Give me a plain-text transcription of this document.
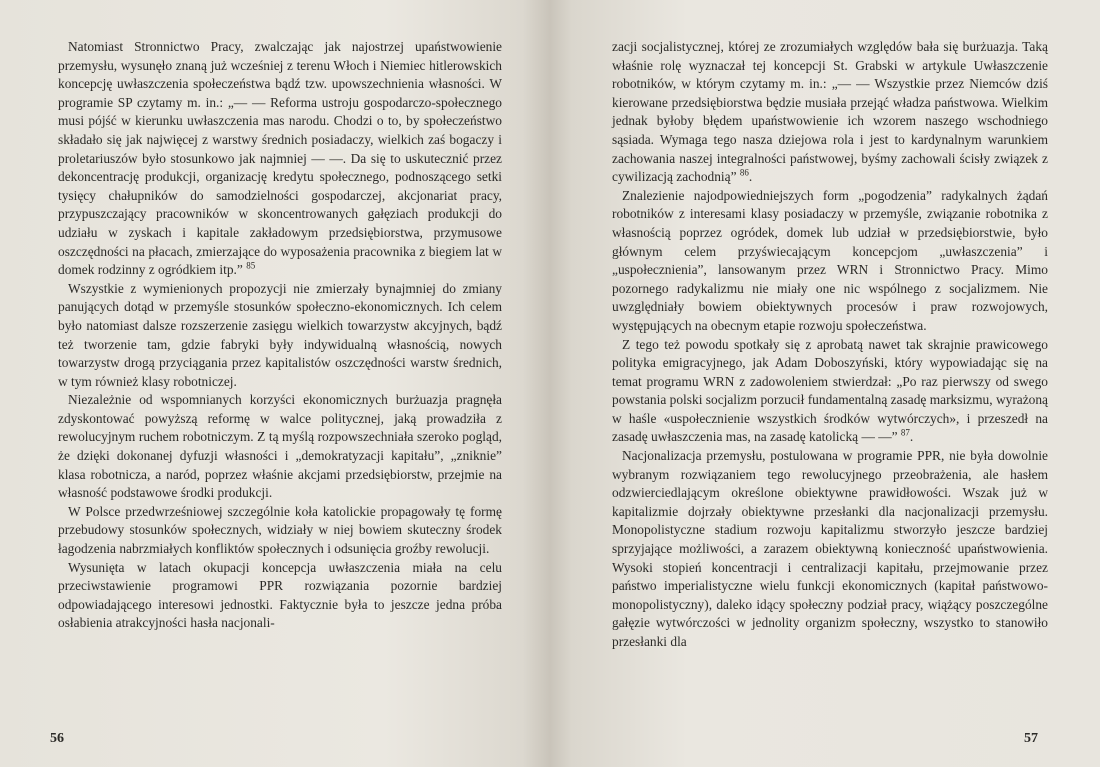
Natomiast Stronnictwo Pracy, zwalczając jak najostrzej upaństwowienie przemysłu, wysunęło znaną już wcześniej z terenu Włoch i Niemiec hitlerowskich koncepcję uwłaszczenia społeczeństwa bądź tzw. upowszechnienia własności. W programie SP czytamy m. in.: „— — Reforma ustroju gospodarczo-społecznego musi pójść w kierunku uwłaszczenia mas narodu. Chodzi o to, by społeczeństwo składało się jak najwięcej z warstwy średnich posiadaczy, wielkich zaś bogaczy i proletariuszów było stosunkowo jak najmniej — —. Da się to uskutecznić przez dekoncentrację produkcji, organizację kredytu społecznego, podnoszącego setki tysięcy chałupników do samodzielności gospodarczej, akcjonariat pracy, przypuszczający pracowników w skoncentrowanych gałęziach produkcji do udziału w zyskach i kapitale zakładowym przedsiębiorstwa, przymusowe oszczędności na płacach, zmierzające do wyposażenia pracownika z biegiem lat w domek rodzinny z ogródkiem itp.” $^{85}$

Wszystkie z wymienionych propozycji nie zmierzały bynajmniej do zmiany panujących dotąd w przemyśle stosunków społeczno-ekonomicznych. Ich celem było natomiast dalsze rozszerzenie zasięgu wielkich towarzystw akcyjnych, bądź też tworzenie tam, gdzie fabryki były indywidualną własnością, nowych towarzystw drogą przyciągania przez kapitalistów oszczędności warstw średnich, w tym również klasy robotniczej.

Niezależnie od wspomnianych korzyści ekonomicznych burżuazja pragnęła zdyskontować powyższą reformę w walce politycznej, jaką prowadziła z rewolucyjnym ruchem robotniczym. Z tą myślą rozpowszechniała szeroko pogląd, że dzięki dokonanej dyfuzji własności i „demokratyzacji kapitału”, „zniknie” klasa robotnicza, a naród, poprzez właśnie akcjami przedsiębiorstw, przejmie na własność podstawowe środki produkcji.

W Polsce przedwrześniowej szczególnie koła katolickie propagowały tę formę przebudowy stosunków społecznych, widziały w niej bowiem skuteczny środek łagodzenia nabrzmiałych konfliktów społecznych i odsunięcia groźby rewolucji.

Wysunięta w latach okupacji koncepcja uwłaszczenia miała na celu przeciwstawienie programowi PPR rozwiązania pozornie bardziej odpowiadającego interesowi jednostki. Faktycznie była to jeszcze jedna próba osłabienia atrakcyjności hasła nacjonali-

56

zacji socjalistycznej, której ze zrozumiałych względów bała się burżuazja. Taką właśnie rolę wyznaczał tej koncepcji St. Grabski w artykule Uwłaszczenie robotników, w którym czytamy m. in.: „— — Wszystkie przez Niemców dziś kierowane przedsiębiorstwa będzie musiała przejąć władza państwowa. Wielkim jednak byłoby błędem upaństwowienie ich wzorem naszego wschodniego sąsiada. Wymaga tego nasza dziejowa rola i jest to kardynalnym warunkiem zachowania naszej integralności państwowej, byśmy zachowali ścisły związek z cywilizacją zachodnią” $^{86}$.

Znalezienie najodpowiedniejszych form „pogodzenia” radykalnych żądań robotników z interesami klasy posiadaczy w przemyśle, związanie robotnika z własnością poprzez ogródek, domek lub udział w przedsiębiorstwie, było głównym celem przyświecającym koncepcjom „uwłaszczenia” i „uspołecznienia”, lansowanym przez WRN i Stronnictwo Pracy. Mimo pozornego radykalizmu nie miały one nic wspólnego z socjalizmem. Nie uwzględniały bowiem obiektywnych procesów i praw rozwojowych, występujących na obecnym etapie rozwoju społeczeństwa.

Z tego też powodu spotkały się z aprobatą nawet tak skrajnie prawicowego polityka emigracyjnego, jak Adam Doboszyński, który wypowiadając się na temat programu WRN z zadowoleniem stwierdzał: „Po raz pierwszy od swego powstania polski socjalizm porzucił fundamentalną zasadę marksizmu, wyrażoną w haśle «uspołecznienie wszystkich środków wytwórczych», i przeszedł na zasadę uwłaszczenia mas, na zasadę katolicką — —” $^{87}$.

Nacjonalizacja przemysłu, postulowana w programie PPR, nie była dowolnie wybranym rozwiązaniem tego rewolucyjnego przeobrażenia, ale hasłem odzwierciedlającym określone obiektywne prawidłowości. Wszak już w kapitalizmie dojrzały obiektywne przesłanki dla nacjonalizacji przemysłu. Monopolistyczne stadium rozwoju kapitalizmu stworzyło jeszcze bardziej sprzyjające możliwości, a zarazem obiektywną konieczność upaństwowienia. Wysoki stopień koncentracji i centralizacji kapitału, przejmowanie przez państwo imperialistyczne wielu funkcji ekonomicznych (kapitał państwowo-monopolistyczny), daleko idący społeczny podział pracy, wiążący poszczególne gałęzie wytwórczości w jednolity organizm społeczny, wszystko to stanowiło przesłanki dla

57
